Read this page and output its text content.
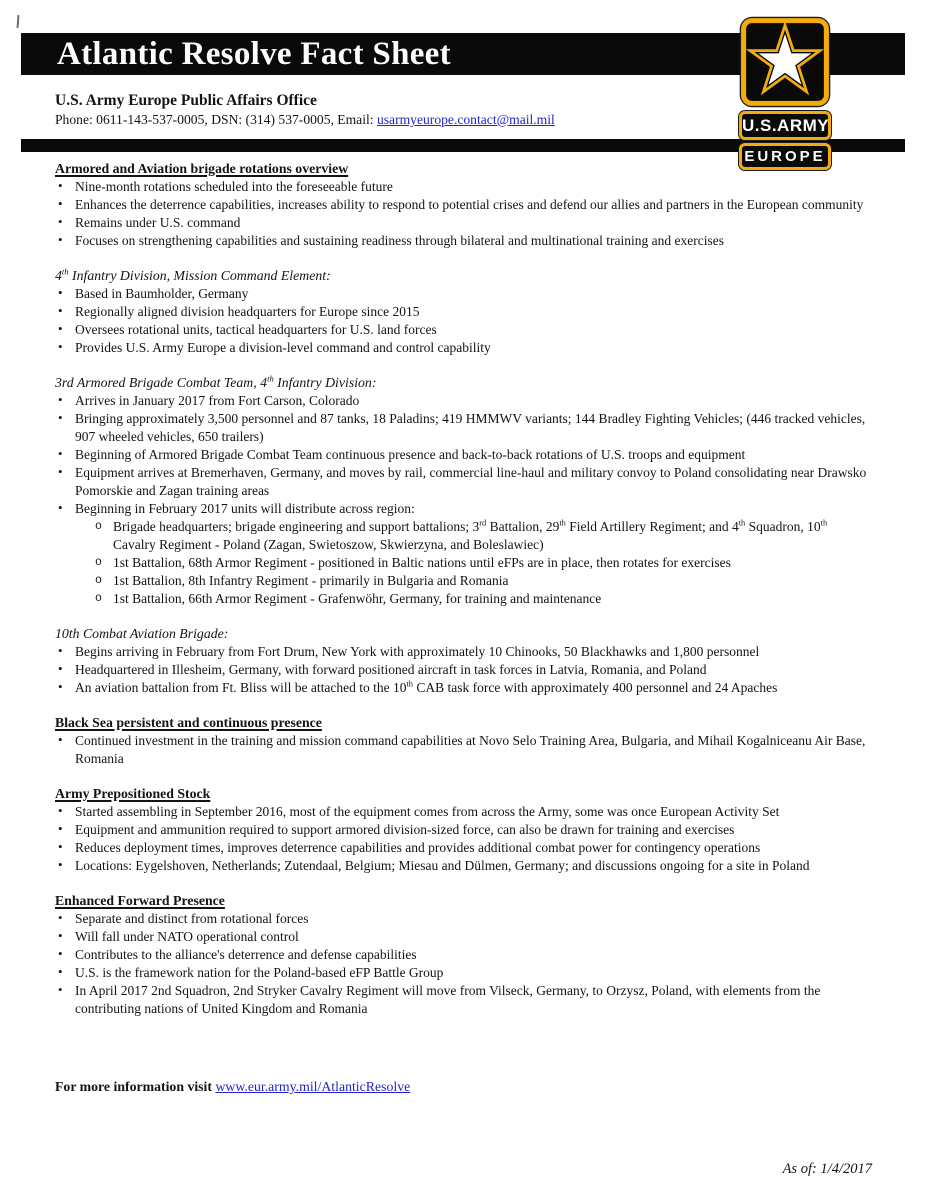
Atlantic Resolve Fact Sheet
U.S. Army Europe Public Affairs Office
Phone: 0611-143-537-0005, DSN: (314) 537-0005, Email: usarmyeurope.contact@mail.mil	U.S.ARMY
EUROPE
Armored and Aviation brigade rotations overview
• Nine-month rotations scheduled into the foreseeable future
• Enhances the deterrence capabilities, increases ability to respond to potential crises and defend our allies and partners in the European community
• Remains under U.S. command
• Focuses on strengthening capabilities and sustaining readiness through bilateral and multinational training and exercises
4th Infantry Division, Mission Command Element:
• Based in Baumholder, Germany
• Regionally aligned division headquarters for Europe since 2015
• Oversees rotational units, tactical headquarters for U.S. land forces
• Provides U.S. Army Europe a division-level command and control capability
3rd Armored Brigade Combat Team, 4th Infantry Division:
• Arrives in January 2017 from Fort Carson, Colorado
• Bringing approximately 3,500 personnel and 87 tanks, 18 Paladins; 419 HMMWV variants; 144 Bradley Fighting Vehicles; (446 tracked vehicles, 907 wheeled vehicles, 650 trailers)
• Beginning of Armored Brigade Combat Team continuous presence and back-to-back rotations of U.S. troops and equipment
• Equipment arrives at Bremerhaven, Germany, and moves by rail, commercial line-haul and military convoy to Poland consolidating near Drawsko Pomorskie and Zagan training areas
• Beginning in February 2017 units will distribute across region:
o Brigade headquarters; brigade engineering and support battalions; 3rd Battalion, 29th Field Artillery Regiment; and 4th Squadron, 10th Cavalry Regiment - Poland (Zagan, Swietoszow, Skwierzyna, and Boleslawiec)
o 1st Battalion, 68th Armor Regiment - positioned in Baltic nations until eFPs are in place, then rotates for exercises
o 1st Battalion, 8th Infantry Regiment - primarily in Bulgaria and Romania
o 1st Battalion, 66th Armor Regiment - Grafenwöhr, Germany, for training and maintenance
10th Combat Aviation Brigade:
• Begins arriving in February from Fort Drum, New York with approximately 10 Chinooks, 50 Blackhawks and 1,800 personnel
• Headquartered in Illesheim, Germany, with forward positioned aircraft in task forces in Latvia, Romania, and Poland
• An aviation battalion from Ft. Bliss will be attached to the 10th CAB task force with approximately 400 personnel and 24 Apaches
Black Sea persistent and continuous presence
• Continued investment in the training and mission command capabilities at Novo Selo Training Area, Bulgaria, and Mihail Kogalniceanu Air Base, Romania
Army Prepositioned Stock
• Started assembling in September 2016, most of the equipment comes from across the Army, some was once European Activity Set
• Equipment and ammunition required to support armored division-sized force, can also be drawn for training and exercises
• Reduces deployment times, improves deterrence capabilities and provides additional combat power for contingency operations
• Locations: Eygelshoven, Netherlands; Zutendaal, Belgium; Miesau and Dülmen, Germany; and discussions ongoing for a site in Poland
Enhanced Forward Presence
• Separate and distinct from rotational forces
• Will fall under NATO operational control
• Contributes to the alliance's deterrence and defense capabilities
• U.S. is the framework nation for the Poland-based eFP Battle Group
• In April 2017 2nd Squadron, 2nd Stryker Cavalry Regiment will move from Vilseck, Germany, to Orzysz, Poland, with elements from the contributing nations of United Kingdom and Romania
For more information visit www.eur.army.mil/AtlanticResolve
As of: 1/4/2017
